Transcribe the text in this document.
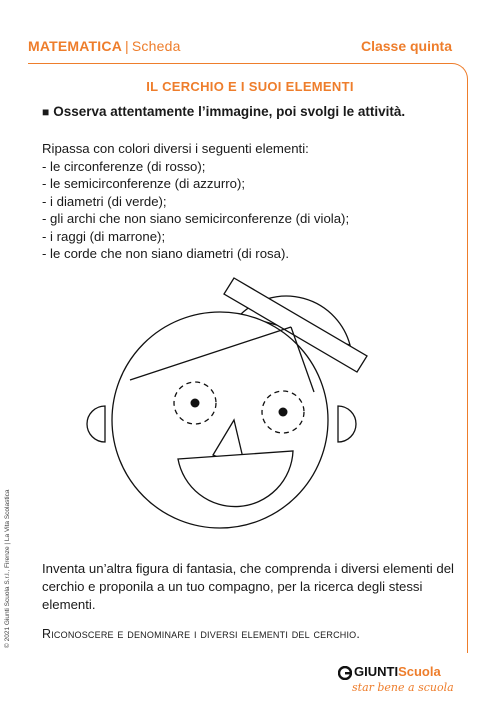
MATEMATICA | Scheda	Classe quinta
IL CERCHIO E I SUOI ELEMENTI
■ Osserva attentamente l’immagine, poi svolgi le attività.
Ripassa con colori diversi i seguenti elementi:
- le circonferenze (di rosso);
- le semicirconferenze (di azzurro);
- i diametri (di verde);
- gli archi che non siano semicirconferenze (di viola);
- i raggi (di marrone);
- le corde che non siano diametri (di rosa).
Inventa un’altra figura di fantasia, che comprenda i diversi elementi del cerchio e proponila a un tuo compagno, per la ricerca degli stessi elementi.
Riconoscere e denominare i diversi elementi del cerchio.
© 2021 Giunti Scuola S.r.l., Firenze | La Vita Scolastica
GIUNTIScuola
star bene a scuola
